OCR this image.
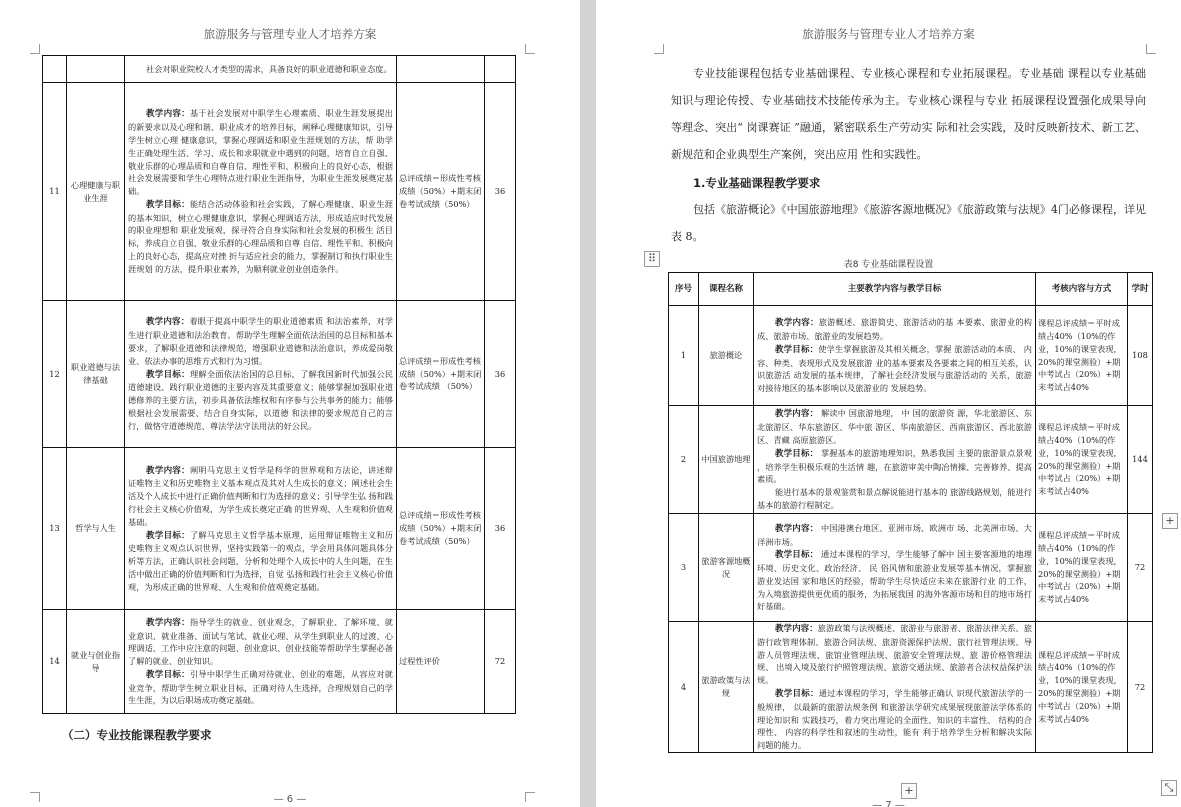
旅游服务与管理专业人才培养方案

		社会对职业院校人才类型的需求，具备良好的职业道德和职业态度。		

11	心理健康与职业生涯	教学内容：基于社会发展对中职学生心理素质、职业生涯发展提出的新要求以及心理和谐、职业成才的培养目标，阐释心理健康知识，引导学生树立心理 健康意识，掌握心理调适和职业生涯规划的方法，帮 助学生正确处理生活、学习、成长和求职就业中遇到的问题，培育自立自强、敬业乐群的心理品质和自尊自信、理性平和、积极向上的良好心态，根据社会发展需要和学生心理特点进行职业生涯指导，为职业生涯发展奠定基础。
教学目标：能结合活动体验和社会实践，了解心理健康、职业生涯的基本知识，树立心理健康意识，掌握心理调适方法，形成适应时代发展的职业理想和 职业发展观，探寻符合自身实际和社会发展的积极生 活目标，养成自立自强、敬业乐群的心理品质和自尊 自信、理性平和、积极向上的良好心态，提高应对挫 折与适应社会的能力，掌握制订和执行职业生涯规划 的方法，提升职业素养，为顺利就业创业创造条件。	总评成绩＝形成性考核成绩（50%）+期末闭卷考试成绩（50%）	36
12	职业道德与法律基础	教学内容：着眼于提高中职学生的职业道德素质 和法治素养，对学生进行职业道德和法治教育。帮助学生理解全面依法治国的总目标和基本要求，了解职业道德和法律规范，增强职业道德和法治意识，养成爱岗敬业、依法办事的思维方式和行为习惯。
教学目标：理解全面依法治国的总目标，了解我国新时代加强公民道德建设、践行职业道德的主要内容及其重要意义；能够掌握加强职业道德修养的主要方法，初步具备依法维权和有序参与公共事务的能力；能够根据社会发展需要、结合自身实际，以道德 和法律的要求规范自己的言行，做恪守道德规范、尊法学法守法用法的好公民。	总评成绩＝形成性考核成绩（50%）+期末闭卷考试成绩 （50%）	36
13	哲学与人生	教学内容：阐明马克思主义哲学是科学的世界观和方法论，讲述辩证唯物主义和历史唯物主义基本观点及其对人生成长的意义；阐述社会生活及个人成长中进行正确价值判断和行为选择的意义；引导学生弘 扬和践行社会主义核心价值观，为学生成长奠定正确 的世界观、人生观和价值观基础。
教学目标：了解马克思主义哲学基本原理，运用辩证唯物主义和历史唯物主义观点认识世界，坚持实践第一的观点，学会用具体问题具体分析等方法，正确认识社会问题，分析和处理个人成长中的人生问题，在生活中做出正确的价值判断和行为选择，自觉 弘扬和践行社会主义核心价值观，为形成正确的世界观、人生观和价值观奠定基础。	总评成绩＝形成性考核成绩（50%）+期末闭卷考试成绩（50%）	36
14	就业与创业指导	教学内容：指导学生的就业、创业观念，了解职业、了解环境、就业意识、就业准备、面试与笔试、就业心理、从学生到职业人的过渡、心理调适、工作中应注意的问题、创业意识、创业技能等帮助学生掌握必备了解的就业、创业知识。
教学目标：引导中职学生正确对待就业、创业的难题，从容应对就业竞争，帮助学生树立职业目标，正确对待人生选择，合理规划自己的学生生涯，为以后职场成功奠定基础。	过程性评价	72
（二）专业技能课程教学要求
— 6 —
旅游服务与管理专业人才培养方案
专业技能课程包括专业基础课程、专业核心课程和专业拓展课程。专业基础 课程以专业基础知识与理论传授、专业基础技术技能传承为主。专业核心课程与专业 拓展课程设置强化成果导向等理念、突出“ 岗课赛证 ”融通，紧密联系生产劳动实 际和社会实践，及时反映新技术、新工艺、新规范和企业典型生产案例，突出应用 性和实践性。
1.专业基础课程教学要求
包括《旅游概论》《中国旅游地理》《旅游客源地概况》《旅游政策与法规》4门必修课程，详见表 8。
表8 专业基础课程设置
⠿
序号	课程名称	主要教学内容与教学目标	考核内容与方式	学时
1	旅游概论	教学内容：旅游概述、旅游简史、旅游活动的基 本要素、旅游业的构成、旅游市场、旅游业的发展趋势。
教学目标：使学生掌握旅游及其相关概念，掌握 旅游活动的本质、 内容、种类、表现形式及发展旅游 业的基本要素及各要素之间的相互关系，认识旅游活 动发展的基本规律，了解社会经济发展与旅游活动的 关系，旅游对接待地区的基本影响以及旅游业的 发展趋势。	课程总评成绩＝平时成绩占40%（10%的作业，10%的课堂表现，20%的课堂测验）+期中考试占（20%）+期末考试占40%	108
2	中国旅游地理	教学内容： 解读中 国旅游地理， 中 国的旅游资 源，华北旅游区、东北旅游区、华东旅游区、华中旅 游区、华南旅游区、西南旅游区、西北旅游区、青藏 高原旅游区。
教学目标： 掌握基本的旅游地理知识，熟悉我国 主要的旅游景点景观 ，培养学生积极乐观的生活情 趣，在旅游审美中陶冶情操、完善修养、提高素质。
能进行基本的景观鉴赏和景点解说能进行基本的 旅游线路规划，能进行基本的旅游行程制定。	课程总评成绩＝平时成绩占40%（10%的作业，10%的课堂表现，20%的课堂测验）+期中考试占（20%）+期末考试占40%	144
3	旅游客源地概况	教学内容： 中国港澳台地区、亚洲市场、欧洲市 场、北美洲市场、大洋洲市场。
教学目标： 通过本课程的学习，学生能够了解中 国主要客源地的地理环境、历史文化、政治经济、 民 俗风情和旅游业发展等基本情况，掌握旅游业发达国 家和地区的经验，帮助学生尽快适应未来在旅游行业 的工作，为入境旅游提供更优质的服务，为拓展我国 的海外客源市场和目的地市场打好基础。	课程总评成绩＝平时成绩占40%（10%的作业，10%的课堂表现，20%的课堂测验）+期中考试占（20%）+期末考试占40%	72
4	旅游政策与法规	教学内容：旅游政策与法规概述、旅游业与旅游者、旅游法律关系、旅游行政管理体制、旅游合同法规、旅游资源保护法规、旅行社管理法规、导游人员管理法规、旅馆业管理法规、旅游安全管理法规、旅 游价格管理法规、 出境入境及旅行护照管理法规、旅游交通法规、旅游者合法权益保护法规。
教学目标：通过本课程的学习，学生能够正确认 识现代旅游法学的一般规律， 以最新的旅游法规条例 和旅游法学研究成果展现旅游法学体系的理论知识和 实践技巧，着力突出理论的全面性、知识的丰富性、 结构的合理性、 内容的科学性和叙述的生动性，能有 利于培养学生分析和解决实际问题的能力。	课程总评成绩＝平时成绩占40%（10%的作业，10%的课堂表现，20%的课堂测验）+期中考试占（20%）+期末考试占40%	72
+
+	⤡
— 7 —
